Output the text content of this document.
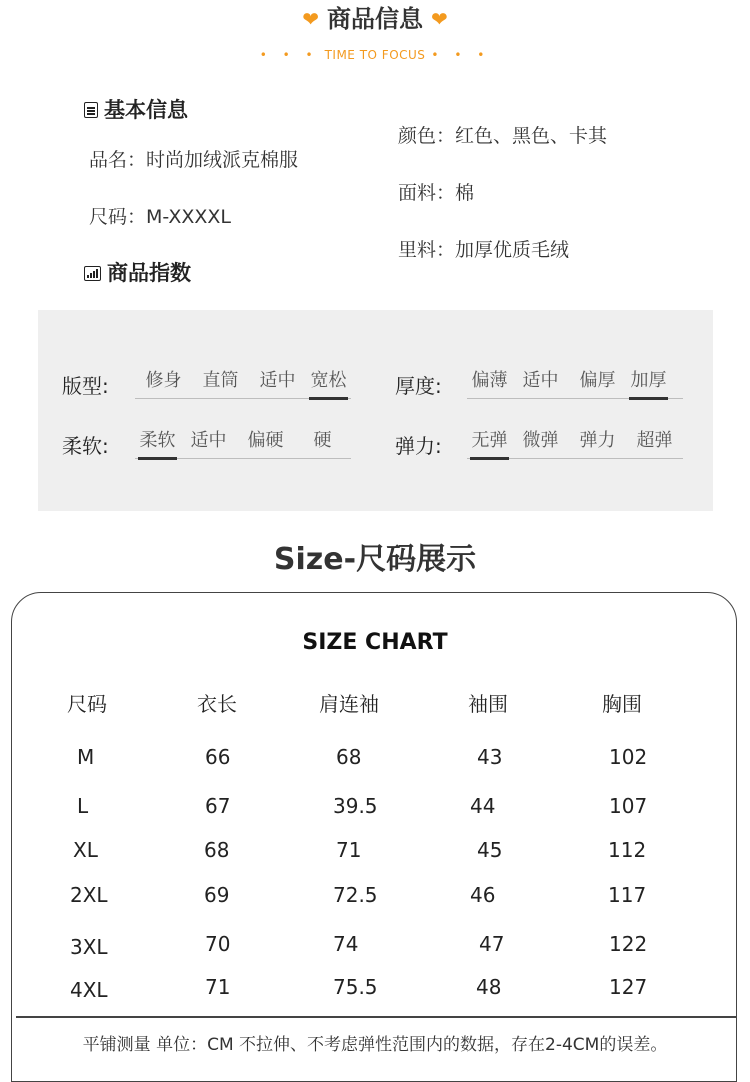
❤ 商品信息 ❤
• • • TIME TO FOCUS • • •
基本信息
品名：时尚加绒派克棉服
尺码：M-XXXXL
颜色：红色、黑色、卡其
面料：棉
里料：加厚优质毛绒
商品指数
版型:	修身	直筒	适中 宽松 厚度: 偏薄 适中	偏厚 加厚
柔软: 柔软 适中	偏硬	硬	弹力: 无弹 微弹	弹力	超弹
Size-尺码展示
SIZE CHART
尺码	衣长	肩连袖	袖围	胸围
M	66	68	43	102
L	67	39.5	44	107
XL	68	71	45	112
2XL	69	72.5	46	117
3XL	70	74	47	122
4XL	71	75.5	48	127
平铺测量 单位：CM 不拉伸、不考虑弹性范围内的数据，存在2-4CM的误差。
